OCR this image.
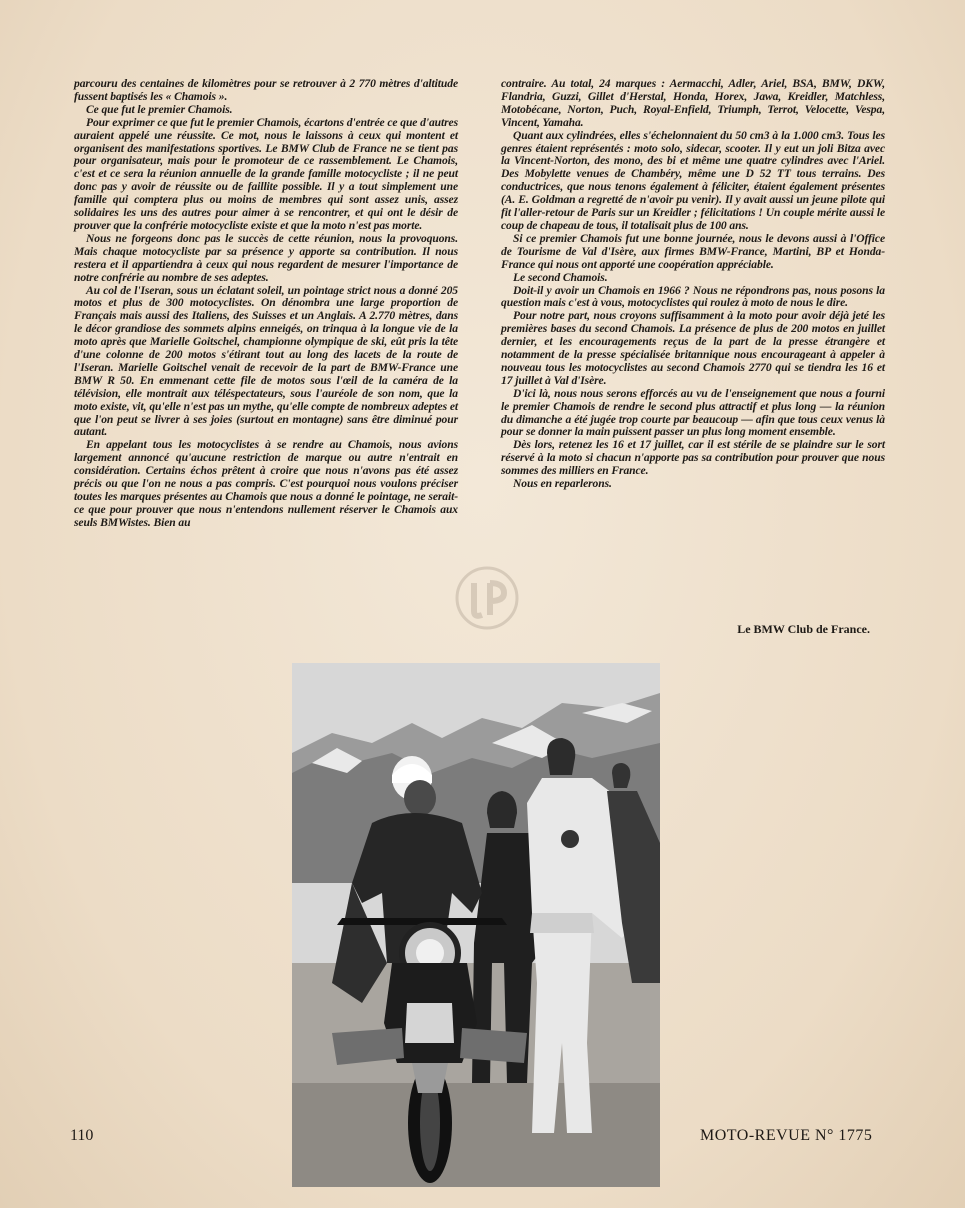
parcouru des centaines de kilomètres pour se retrouver à 2 770 mètres d'altitude fussent baptisés les « Chamois ».

Ce que fut le premier Chamois.

Pour exprimer ce que fut le premier Chamois, écartons d'entrée ce que d'autres auraient appelé une réussite. Ce mot, nous le laissons à ceux qui montent et organisent des manifestations sportives. Le BMW Club de France ne se tient pas pour organisateur, mais pour le promoteur de ce rassemblement. Le Chamois, c'est et ce sera la réunion annuelle de la grande famille motocycliste ; il ne peut donc pas y avoir de réussite ou de faillite possible. Il y a tout simplement une famille qui comptera plus ou moins de membres qui sont assez unis, assez solidaires les uns des autres pour aimer à se rencontrer, et qui ont le désir de prouver que la confrérie motocycliste existe et que la moto n'est pas morte.

Nous ne forgeons donc pas le succès de cette réunion, nous la provoquons. Mais chaque motocycliste par sa présence y apporte sa contribution. Il nous restera et il appartiendra à ceux qui nous regardent de mesurer l'importance de notre confrérie au nombre de ses adeptes.

Au col de l'Iseran, sous un éclatant soleil, un pointage strict nous a donné 205 motos et plus de 300 motocyclistes. On dénombra une large proportion de Français mais aussi des Italiens, des Suisses et un Anglais. A 2.770 mètres, dans le décor grandiose des sommets alpins enneigés, on trinqua à la longue vie de la moto après que Marielle Goitschel, championne olympique de ski, eût pris la tête d'une colonne de 200 motos s'étirant tout au long des lacets de la route de l'Iseran. Marielle Goitschel venait de recevoir de la part de BMW-France une BMW R 50. En emmenant cette file de motos sous l'œil de la caméra de la télévision, elle montrait aux téléspectateurs, sous l'auréole de son nom, que la moto existe, vit, qu'elle n'est pas un mythe, qu'elle compte de nombreux adeptes et que l'on peut se livrer à ses joies (surtout en montagne) sans être diminué pour autant.

En appelant tous les motocyclistes à se rendre au Chamois, nous avions largement annoncé qu'aucune restriction de marque ou autre n'entrait en considération. Certains échos prêtent à croire que nous n'avons pas été assez précis ou que l'on ne nous a pas compris. C'est pourquoi nous voulons préciser toutes les marques présentes au Chamois que nous a donné le pointage, ne serait-ce que pour prouver que nous n'entendons nullement réserver le Chamois aux seuls BMWistes. Bien au

contraire. Au total, 24 marques : Aermacchi, Adler, Ariel, BSA, BMW, DKW, Flandria, Guzzi, Gillet d'Herstal, Honda, Horex, Jawa, Kreidler, Matchless, Motobécane, Norton, Puch, Royal-Enfield, Triumph, Terrot, Velocette, Vespa, Vincent, Yamaha.

Quant aux cylindrées, elles s'échelonnaient du 50 cm3 à la 1.000 cm3. Tous les genres étaient représentés : moto solo, sidecar, scooter. Il y eut un joli Bitza avec la Vincent-Norton, des mono, des bi et même une quatre cylindres avec l'Ariel. Des Mobylette venues de Chambéry, même une D 52 TT tous terrains. Des conductrices, que nous tenons également à féliciter, étaient également présentes (A. E. Goldman a regretté de n'avoir pu venir). Il y avait aussi un jeune pilote qui fit l'aller-retour de Paris sur un Kreidler ; félicitations ! Un couple mérite aussi le coup de chapeau de tous, il totalisait plus de 100 ans.

Si ce premier Chamois fut une bonne journée, nous le devons aussi à l'Office de Tourisme de Val d'Isère, aux firmes BMW-France, Martini, BP et Honda-France qui nous ont apporté une coopération appréciable.

Le second Chamois.

Doit-il y avoir un Chamois en 1966 ? Nous ne répondrons pas, nous posons la question mais c'est à vous, motocyclistes qui roulez à moto de nous le dire.

Pour notre part, nous croyons suffisamment à la moto pour avoir déjà jeté les premières bases du second Chamois. La présence de plus de 200 motos en juillet dernier, et les encouragements reçus de la part de la presse étrangère et notamment de la presse spécialisée britannique nous encourageant à appeler à nouveau tous les motocyclistes au second Chamois 2770 qui se tiendra les 16 et 17 juillet à Val d'Isère.

D'ici là, nous nous serons efforcés au vu de l'enseignement que nous a fourni le premier Chamois de rendre le second plus attractif et plus long — la réunion du dimanche a été jugée trop courte par beaucoup — afin que tous ceux venus là pour se donner la main puissent passer un plus long moment ensemble.

Dès lors, retenez les 16 et 17 juillet, car il est stérile de se plaindre sur le sort réservé à la moto si chacun n'apporte pas sa contribution pour prouver que nous sommes des milliers en France.

Nous en reparlerons.

Le BMW Club de France.
110	MOTO-REVUE N° 1775
